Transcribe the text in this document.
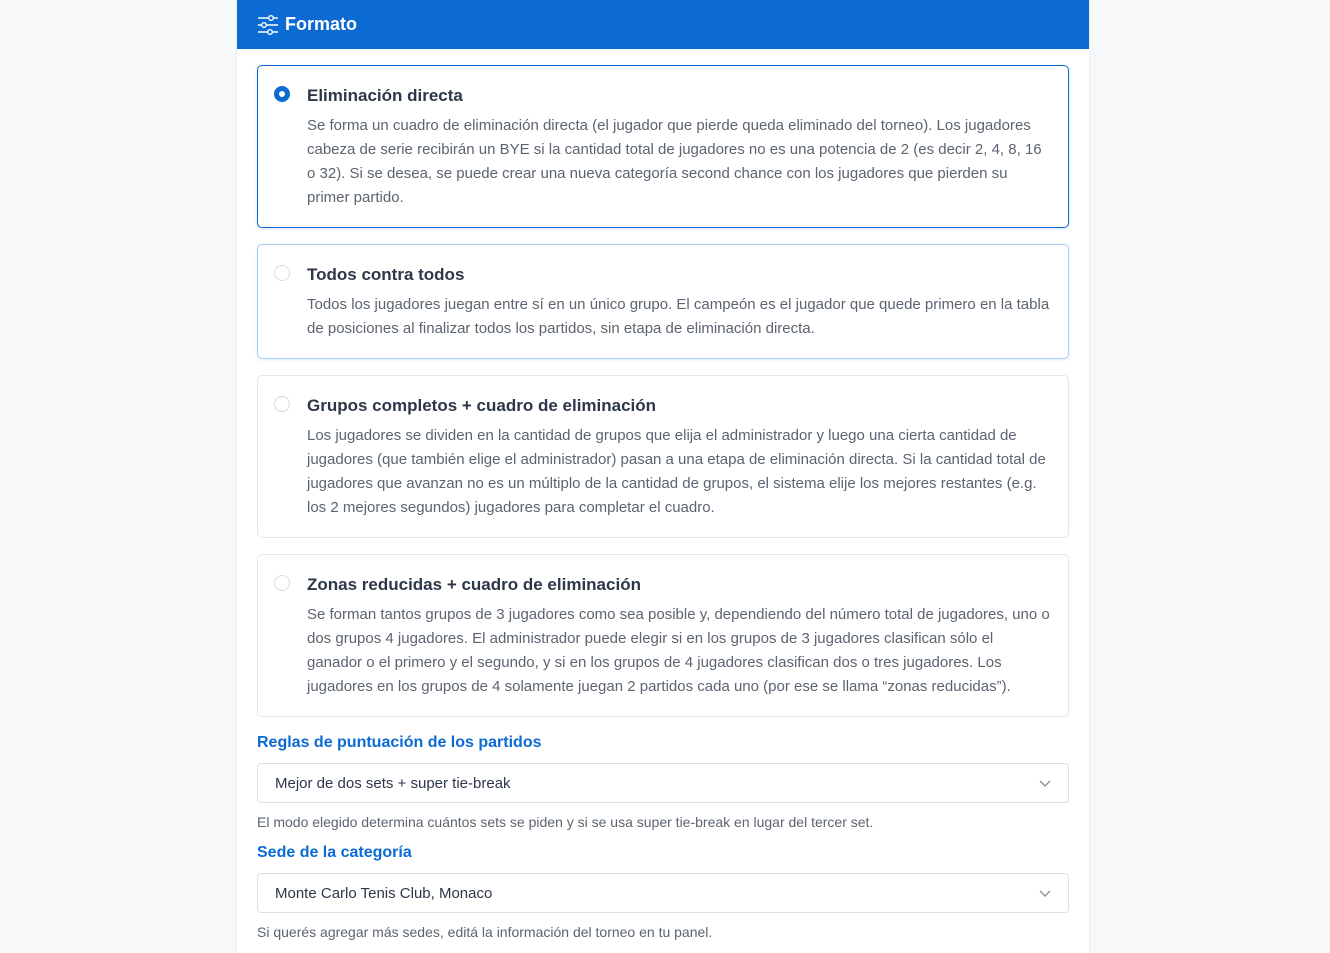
Formato
Eliminación directa
Se forma un cuadro de eliminación directa (el jugador que pierde queda eliminado del torneo). Los jugadores cabeza de serie recibirán un BYE si la cantidad total de jugadores no es una potencia de 2 (es decir 2, 4, 8, 16 o 32). Si se desea, se puede crear una nueva categoría second chance con los jugadores que pierden su primer partido.
Todos contra todos
Todos los jugadores juegan entre sí en un único grupo. El campeón es el jugador que quede primero en la tabla de posiciones al finalizar todos los partidos, sin etapa de eliminación directa.
Grupos completos + cuadro de eliminación
Los jugadores se dividen en la cantidad de grupos que elija el administrador y luego una cierta cantidad de jugadores (que también elige el administrador) pasan a una etapa de eliminación directa. Si la cantidad total de jugadores que avanzan no es un múltiplo de la cantidad de grupos, el sistema elije los mejores restantes (e.g. los 2 mejores segundos) jugadores para completar el cuadro.
Zonas reducidas + cuadro de eliminación
Se forman tantos grupos de 3 jugadores como sea posible y, dependiendo del número total de jugadores, uno o dos grupos 4 jugadores. El administrador puede elegir si en los grupos de 3 jugadores clasifican sólo el ganador o el primero y el segundo, y si en los grupos de 4 jugadores clasifican dos o tres jugadores. Los jugadores en los grupos de 4 solamente juegan 2 partidos cada uno (por ese se llama “zonas reducidas”).
Reglas de puntuación de los partidos
Mejor de dos sets + super tie-break
El modo elegido determina cuántos sets se piden y si se usa super tie-break en lugar del tercer set.
Sede de la categoría
Monte Carlo Tenis Club, Monaco
Si querés agregar más sedes, editá la información del torneo en tu panel.
